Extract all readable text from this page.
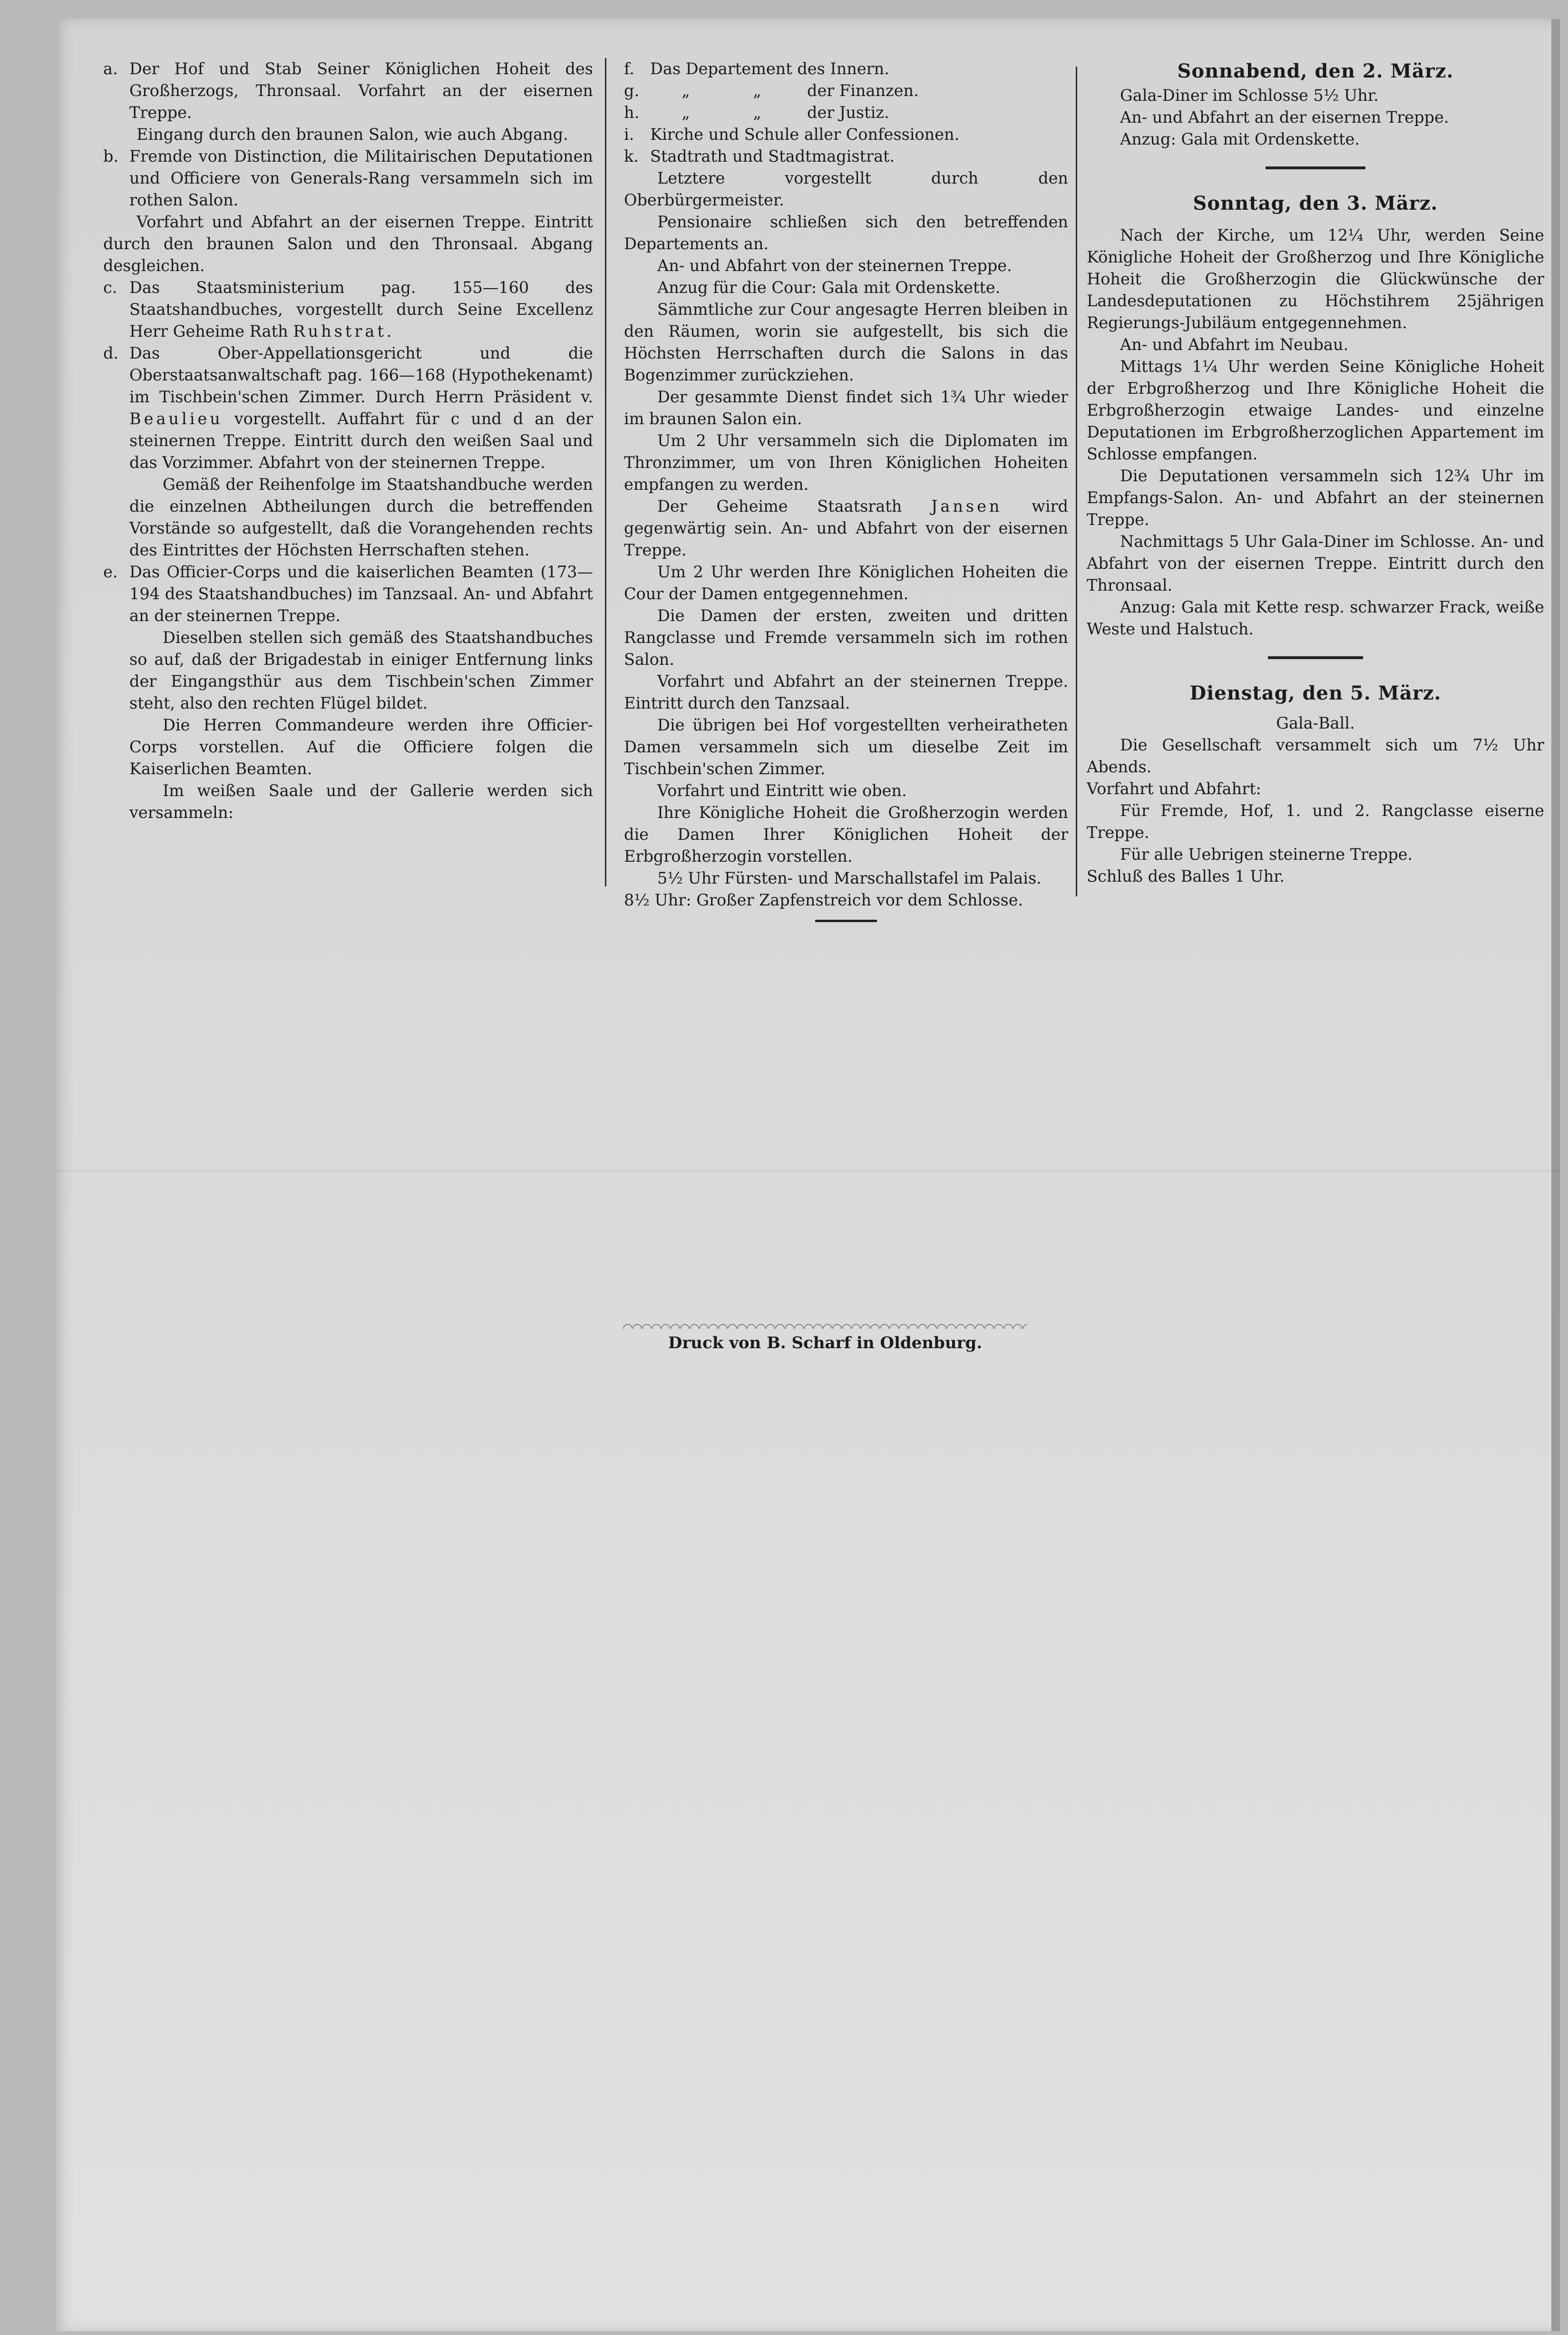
a. Der Hof und Stab Seiner Königlichen Hoheit des Großherzogs, Thronsaal. Vorfahrt an der eisernen Treppe.

Eingang durch den braunen Salon, wie auch Abgang.

b. Fremde von Distinction, die Militairischen Deputationen und Officiere von Generals-Rang versammeln sich im rothen Salon.

Vorfahrt und Abfahrt an der eisernen Treppe. Eintritt durch den braunen Salon und den Thronsaal. Abgang desgleichen.

c. Das Staatsministerium pag. 155—160 des Staatshandbuches, vorgestellt durch Seine Excellenz Herr Geheime Rath Ruhstrat.
d. Das Ober-Appellationsgericht und die Oberstaatsanwaltschaft pag. 166—168 (Hypothekenamt) im Tischbein'schen Zimmer. Durch Herrn Präsident v. Beaulieu vorgestellt. Auffahrt für c und d an der steinernen Treppe. Eintritt durch den weißen Saal und das Vorzimmer. Abfahrt von der steinernen Treppe.

Gemäß der Reihenfolge im Staatshandbuche werden die einzelnen Abtheilungen durch die betreffenden Vorstände so aufgestellt, daß die Vorangehenden rechts des Eintrittes der Höchsten Herrschaften stehen.

e. Das Officier-Corps und die kaiserlichen Beamten (173—194 des Staatshandbuches) im Tanzsaal. An- und Abfahrt an der steinernen Treppe.

Dieselben stellen sich gemäß des Staatshandbuches so auf, daß der Brigadestab in einiger Entfernung links der Eingangsthür aus dem Tischbein'schen Zimmer steht, also den rechten Flügel bildet.

Die Herren Commandeure werden ihre Officier-Corps vorstellen. Auf die Officiere folgen die Kaiserlichen Beamten.

Im weißen Saale und der Gallerie werden sich versammeln:

f. Das Departement des Innern.
g.	„	„	der Finanzen.
h.	„	„	der Justiz.
i.	Kirche und Schule aller Confessionen.
k. Stadtrath und Stadtmagistrat.

Letztere vorgestellt durch den Oberbürgermeister.

Pensionaire schließen sich den betreffenden Departements an.

An- und Abfahrt von der steinernen Treppe.

Anzug für die Cour: Gala mit Ordenskette.

Sämmtliche zur Cour angesagte Herren bleiben in den Räumen, worin sie aufgestellt, bis sich die Höchsten Herrschaften durch die Salons in das Bogenzimmer zurückziehen.

Der gesammte Dienst findet sich 1¾ Uhr wieder im braunen Salon ein.

Um 2 Uhr versammeln sich die Diplomaten im Thronzimmer, um von Ihren Königlichen Hoheiten empfangen zu werden.

Der Geheime Staatsrath Jansen wird gegenwärtig sein. An- und Abfahrt von der eisernen Treppe.

Um 2 Uhr werden Ihre Königlichen Hoheiten die Cour der Damen entgegennehmen.

Die Damen der ersten, zweiten und dritten Rangclasse und Fremde versammeln sich im rothen Salon.

Vorfahrt und Abfahrt an der steinernen Treppe. Eintritt durch den Tanzsaal.

Die übrigen bei Hof vorgestellten verheiratheten Damen versammeln sich um dieselbe Zeit im Tischbein'schen Zimmer.

Vorfahrt und Eintritt wie oben.

Ihre Königliche Hoheit die Großherzogin werden die Damen Ihrer Königlichen Hoheit der Erbgroßherzogin vorstellen.

5½ Uhr Fürsten- und Marschallstafel im Palais.

8½ Uhr: Großer Zapfenstreich vor dem Schlosse.

Sonnabend, den 2. März.

Gala-Diner im Schlosse 5½ Uhr.

An- und Abfahrt an der eisernen Treppe.

Anzug: Gala mit Ordenskette.

Sonntag, den 3. März.

Nach der Kirche, um 12¼ Uhr, werden Seine Königliche Hoheit der Großherzog und Ihre Königliche Hoheit die Großherzogin die Glückwünsche der Landesdeputationen zu Höchstihrem 25jährigen Regierungs-Jubiläum entgegennehmen.

An- und Abfahrt im Neubau.

Mittags 1¼ Uhr werden Seine Königliche Hoheit der Erbgroßherzog und Ihre Königliche Hoheit die Erbgroßherzogin etwaige Landes- und einzelne Deputationen im Erbgroßherzoglichen Appartement im Schlosse empfangen.

Die Deputationen versammeln sich 12¾ Uhr im Empfangs-Salon. An- und Abfahrt an der steinernen Treppe.

Nachmittags 5 Uhr Gala-Diner im Schlosse. An- und Abfahrt von der eisernen Treppe. Eintritt durch den Thronsaal.

Anzug: Gala mit Kette resp. schwarzer Frack, weiße Weste und Halstuch.

Dienstag, den 5. März.

Gala-Ball.

Die Gesellschaft versammelt sich um 7½ Uhr Abends.

Vorfahrt und Abfahrt:

Für Fremde, Hof, 1. und 2. Rangclasse eiserne Treppe.

Für alle Uebrigen steinerne Treppe.

Schluß des Balles 1 Uhr.

Druck von B. Scharf in Oldenburg.
